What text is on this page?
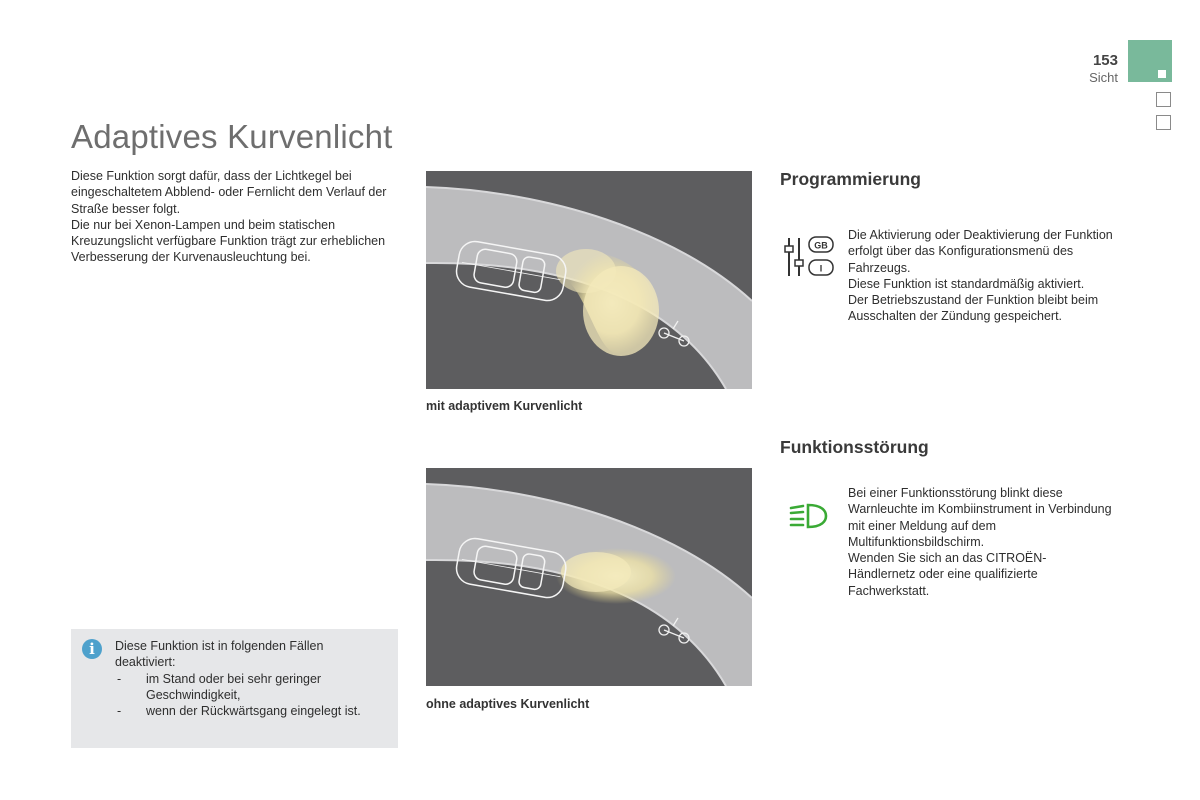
153
Sicht
Adaptives Kurvenlicht

Diese Funktion sorgt dafür, dass der Lichtkegel bei eingeschaltetem Abblend- oder Fernlicht dem Verlauf der Straße besser folgt.

Die nur bei Xenon-Lampen und beim statischen Kreuzungslicht verfügbare Funktion trägt zur erheblichen Verbesserung der Kurvenausleuchtung bei.

i	Diese Funktion ist in folgenden Fällen deaktiviert:

-	im Stand oder bei sehr geringer Geschwindigkeit,
-	wenn der Rückwärtsgang eingelegt ist.
mit adaptivem Kurvenlicht
ohne adaptives Kurvenlicht
Programmierung
GB
I

Die Aktivierung oder Deaktivierung der Funktion erfolgt über das Konfigurationsmenü des Fahrzeugs.

Diese Funktion ist standardmäßig aktiviert.

Der Betriebszustand der Funktion bleibt beim Ausschalten der Zündung gespeichert.

Funktionsstörung

Bei einer Funktionsstörung blinkt diese Warnleuchte im Kombiinstrument in Verbindung mit einer Meldung auf dem Multifunktionsbildschirm.

Wenden Sie sich an das CITROËN-Händlernetz oder eine qualifizierte Fachwerkstatt.
